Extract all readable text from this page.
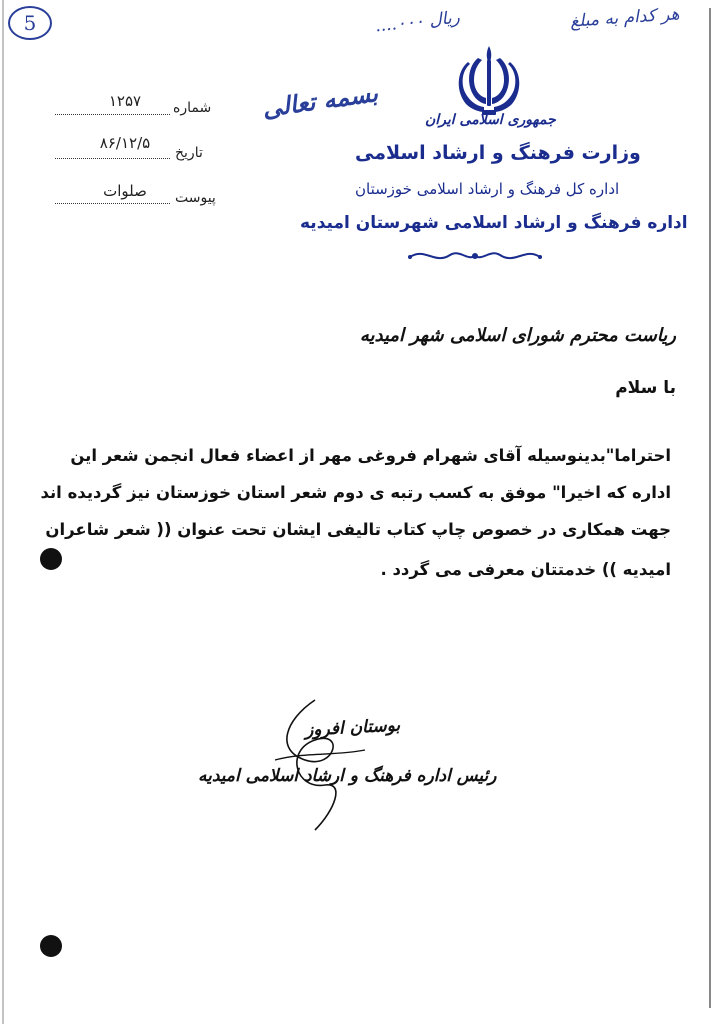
5	هر کدام به مبلغ
....۰۰۰ ریال
بسمه تعالی
شماره
۱۲۵۷
تاریخ
۸۶/۱۲/۵
پیوست
صلوات
جمهوری اسلامی ایران
وزارت فرهنگ و ارشاد اسلامی
اداره کل فرهنگ و ارشاد اسلامی خوزستان
اداره فرهنگ و ارشاد اسلامی شهرستان امیدیه
ریاست محترم شورای اسلامی شهر امیدیه
با سلام
احتراما"بدینوسیله آقای شهرام فروغی مهر از اعضاء فعال انجمن شعر این
اداره که اخیرا" موفق به کسب رتبه ی دوم شعر استان خوزستان نیز گردیده اند
جهت همکاری در خصوص چاپ کتاب تالیفی ایشان تحت عنوان (( شعر شاعران
امیدیه )) خدمتتان معرفی می گردد .
بوستان افروز
رئیس اداره فرهنگ و ارشاد اسلامی امیدیه
